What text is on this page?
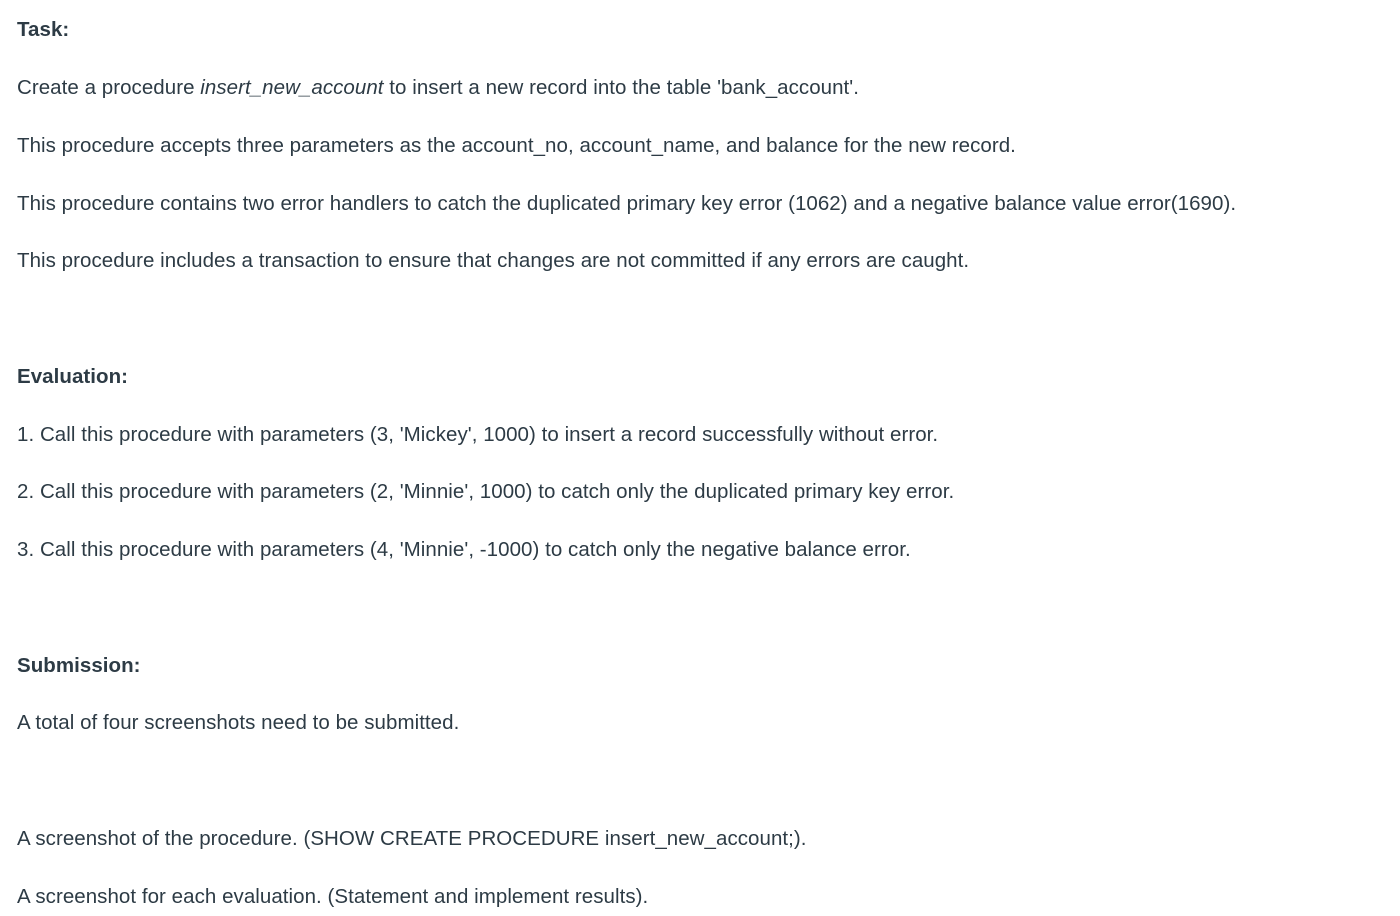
Task:
Create a procedure insert_new_account to insert a new record into the table 'bank_account'.
This procedure accepts three parameters as the account_no, account_name, and balance for the new record.
This procedure contains two error handlers to catch the duplicated primary key error (1062) and a negative balance value error(1690).
This procedure includes a transaction to ensure that changes are not committed if any errors are caught.
Evaluation:
1. Call this procedure with parameters (3, 'Mickey', 1000) to insert a record successfully without error.
2. Call this procedure with parameters (2, 'Minnie', 1000) to catch only the duplicated primary key error.
3. Call this procedure with parameters (4, 'Minnie', -1000) to catch only the negative balance error.
Submission:
A total of four screenshots need to be submitted.
A screenshot of the procedure. (SHOW CREATE PROCEDURE insert_new_account;).
A screenshot for each evaluation. (Statement and implement results).
